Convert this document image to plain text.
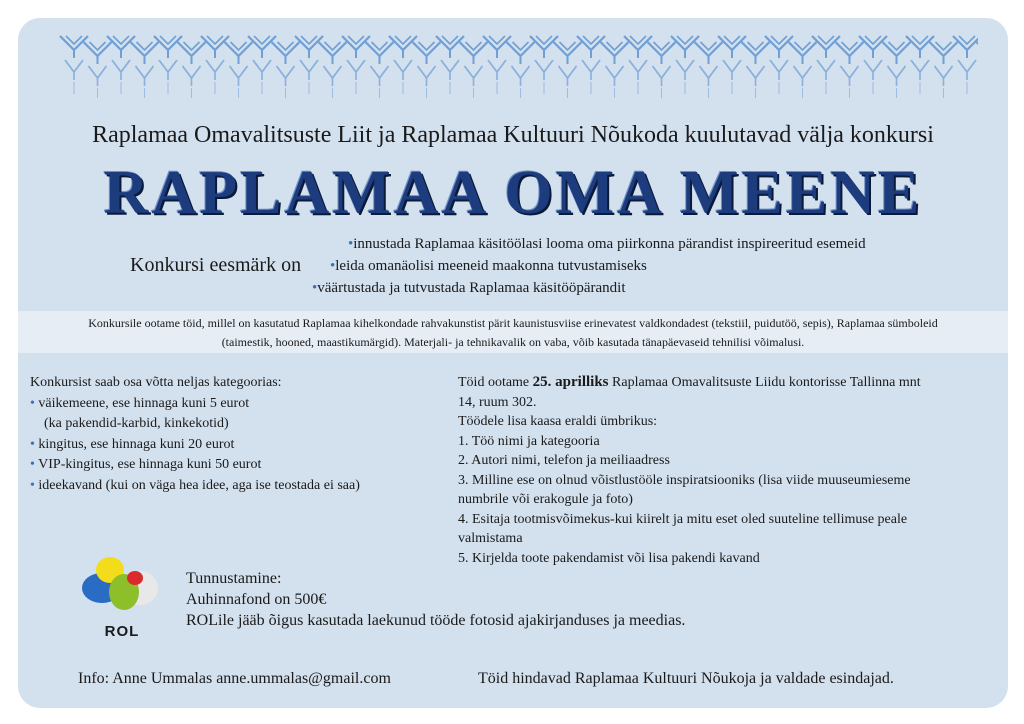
Raplamaa Omavalitsuste Liit ja Raplamaa Kultuuri Nõukoda kuulutavad välja konkursi
RAPLAMAA OMA MEENE
Konkursi eesmärk on
•innustada Raplamaa käsitöölasi looma oma piirkonna pärandist inspireeritud esemeid
•leida omanäolisi meeneid maakonna tutvustamiseks
•väärtustada ja tutvustada Raplamaa käsitööpärandit
Konkursile ootame töid, millel on kasutatud Raplamaa kihelkondade rahvakunstist pärit kaunistusviise erinevatest valdkondadest (tekstiil, puidutöö, sepis), Raplamaa sümboleid
(taimestik, hooned, maastikumärgid). Materjali- ja tehnikavalik on vaba, võib kasutada tänapäevaseid tehnilisi võimalusi.
Konkursist saab osa võtta neljas kategoorias:
• väikemeene, ese hinnaga kuni 5 eurot
(ka pakendid-karbid, kinkekotid)
• kingitus, ese hinnaga kuni 20 eurot
• VIP-kingitus, ese hinnaga kuni 50 eurot
• ideekavand (kui on väga hea idee, aga ise teostada ei saa)
Töid ootame 25. aprilliks Raplamaa Omavalitsuste Liidu kontorisse Tallinna mnt
14, ruum 302.
Töödele lisa kaasa eraldi ümbrikus:
1. Töö nimi ja kategooria
2. Autori nimi, telefon ja meiliaadress
3. Milline ese on olnud võistlustööle inspiratsiooniks (lisa viide muuseumieseme
numbrile või erakogule ja foto)
4. Esitaja tootmisvõimekus-kui kiirelt ja mitu eset oled suuteline tellimuse peale
valmistama
5. Kirjelda toote pakendamist või lisa pakendi kavand
ROL
Tunnustamine:
Auhinnafond on 500€
ROLile jääb õigus kasutada laekunud tööde fotosid ajakirjanduses ja meedias.
Info: Anne Ummalas anne.ummalas@gmail.com	Töid hindavad Raplamaa Kultuuri Nõukoja ja valdade esindajad.
